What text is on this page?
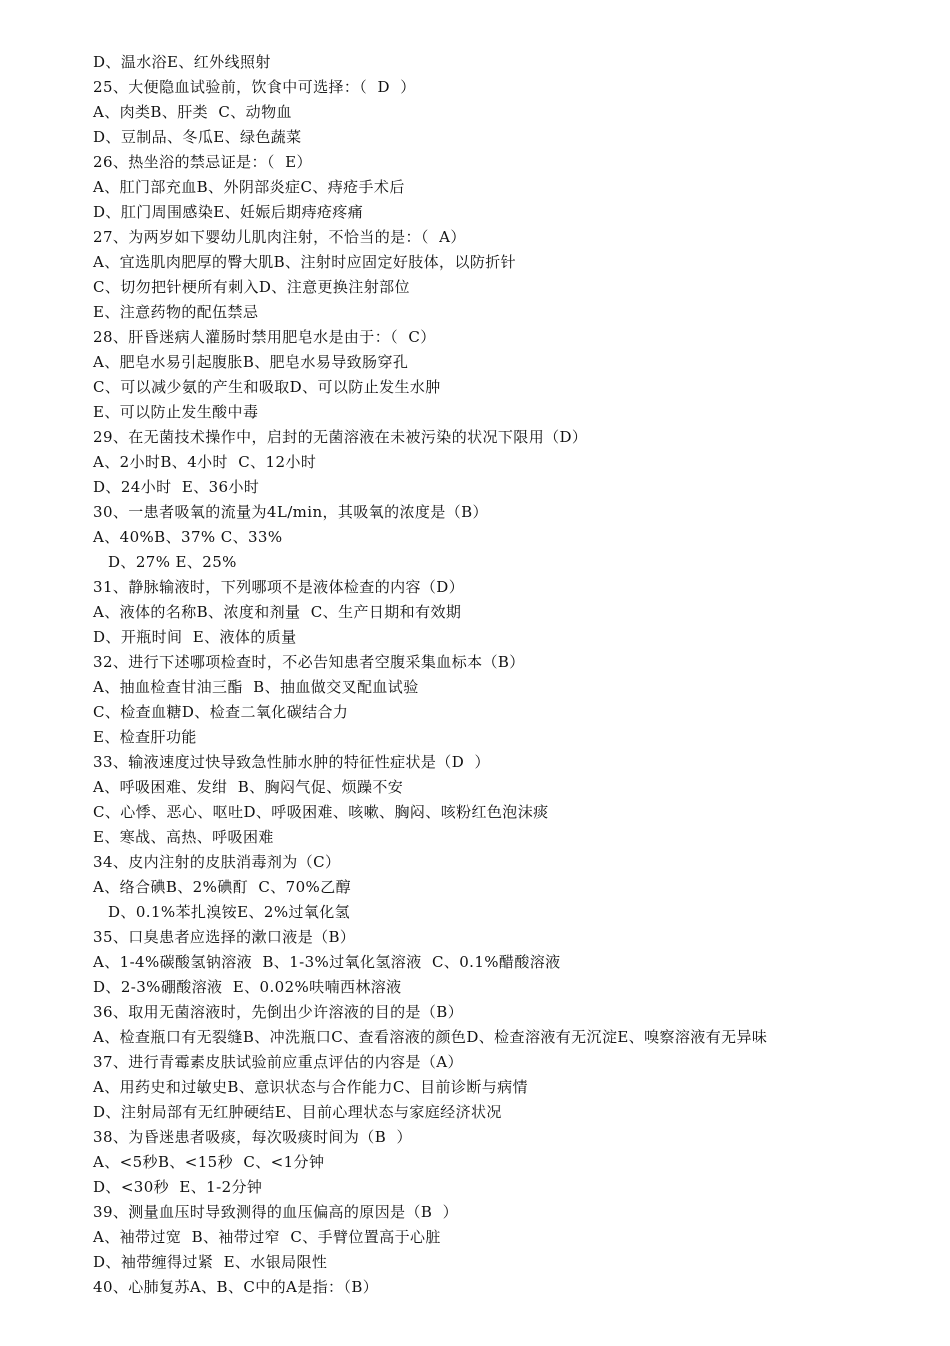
D、温水浴E、红外线照射
25、大便隐血试验前，饮食中可选择：（  D  ）
A、肉类B、肝类  C、动物血
D、豆制品、冬瓜E、绿色蔬菜
26、热坐浴的禁忌证是：（  E）
A、肛门部充血B、外阴部炎症C、痔疮手术后
D、肛门周围感染E、妊娠后期痔疮疼痛
27、为两岁如下婴幼儿肌肉注射，不恰当的是：（  A）
A、宜选肌肉肥厚的臀大肌B、注射时应固定好肢体，以防折针
C、切勿把针梗所有刺入D、注意更换注射部位
E、注意药物的配伍禁忌
28、肝昏迷病人灌肠时禁用肥皂水是由于：（  C）
A、肥皂水易引起腹胀B、肥皂水易导致肠穿孔
C、可以减少氨的产生和吸取D、可以防止发生水肿
E、可以防止发生酸中毒
29、在无菌技术操作中，启封的无菌溶液在未被污染的状况下限用（D）
A、2小时B、4小时  C、12小时
D、24小时  E、36小时
30、一患者吸氧的流量为4L/min，其吸氧的浓度是（B）
A、40%B、37% C、33%
D、27% E、25%
31、静脉输液时，下列哪项不是液体检查的内容（D）
A、液体的名称B、浓度和剂量  C、生产日期和有效期
D、开瓶时间  E、液体的质量
32、进行下述哪项检查时，不必告知患者空腹采集血标本（B）
A、抽血检查甘油三酯  B、抽血做交叉配血试验
C、检查血糖D、检查二氧化碳结合力
E、检查肝功能
33、输液速度过快导致急性肺水肿的特征性症状是（D  ）
A、呼吸困难、发绀  B、胸闷气促、烦躁不安
C、心悸、恶心、呕吐D、呼吸困难、咳嗽、胸闷、咳粉红色泡沫痰
E、寒战、高热、呼吸困难
34、皮内注射的皮肤消毒剂为（C）
A、络合碘B、2%碘酊  C、70%乙醇
D、0.1%苯扎溴铵E、2%过氧化氢
35、口臭患者应选择的漱口液是（B）
A、1-4%碳酸氢钠溶液  B、1-3%过氧化氢溶液  C、0.1%醋酸溶液
D、2-3%硼酸溶液  E、0.02%呋喃西林溶液
36、取用无菌溶液时，先倒出少许溶液的目的是（B）
A、检查瓶口有无裂缝B、冲洗瓶口C、查看溶液的颜色D、检查溶液有无沉淀E、嗅察溶液有无异味
37、进行青霉素皮肤试验前应重点评估的内容是（A）
A、用药史和过敏史B、意识状态与合作能力C、目前诊断与病情
D、注射局部有无红肿硬结E、目前心理状态与家庭经济状况
38、为昏迷患者吸痰，每次吸痰时间为（B  ）
A、<5秒B、<15秒  C、<1分钟
D、<30秒  E、1-2分钟
39、测量血压时导致测得的血压偏高的原因是（B  ）
A、袖带过宽  B、袖带过窄  C、手臂位置高于心脏
D、袖带缠得过紧  E、水银局限性
40、心肺复苏A、B、C中的A是指：（B）
